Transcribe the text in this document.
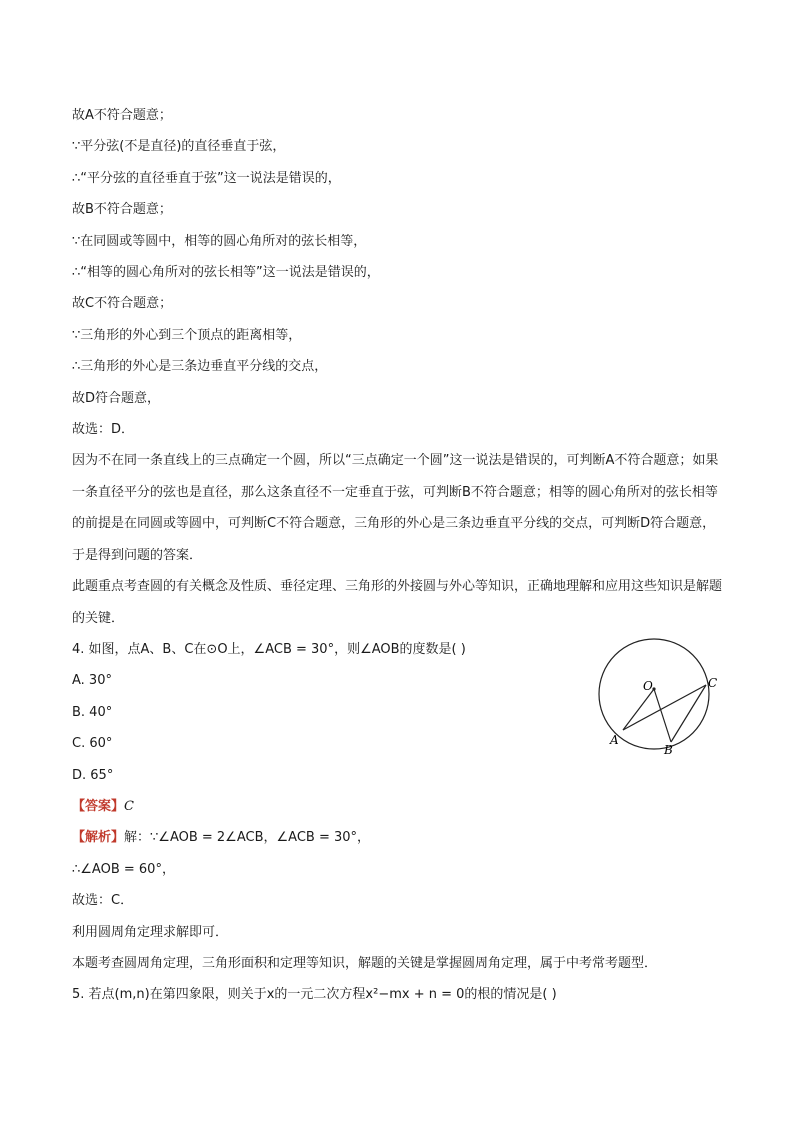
故A不符合题意；
∵平分弦(不是直径)的直径垂直于弦，
∴“平分弦的直径垂直于弦”这一说法是错误的，
故B不符合题意；
∵在同圆或等圆中，相等的圆心角所对的弦长相等，
∴“相等的圆心角所对的弦长相等”这一说法是错误的，
故C不符合题意；
∵三角形的外心到三个顶点的距离相等，
∴三角形的外心是三条边垂直平分线的交点，
故D符合题意，
故选：D．
因为不在同一条直线上的三点确定一个圆，所以“三点确定一个圆”这一说法是错误的，可判断A不符合题意；如果一条直径平分的弦也是直径，那么这条直径不一定垂直于弦，可判断B不符合题意；相等的圆心角所对的弦长相等的前提是在同圆或等圆中，可判断C不符合题意，三角形的外心是三条边垂直平分线的交点，可判断D符合题意，于是得到问题的答案．
此题重点考查圆的有关概念及性质、垂径定理、三角形的外接圆与外心等知识，正确地理解和应用这些知识是解题的关键．
4. 如图，点A、B、C在⊙O上，∠ACB = 30°，则∠AOB的度数是( )
A. 30°
B. 40°
C. 60°
D. 65°
【答案】C
【解析】解：∵∠AOB = 2∠ACB，∠ACB = 30°，
∴∠AOB = 60°，
故选：C．
利用圆周角定理求解即可．
本题考查圆周角定理，三角形面积和定理等知识，解题的关键是掌握圆周角定理，属于中考常考题型．
5. 若点(m,n)在第四象限，则关于x的一元二次方程x²−mx + n = 0的根的情况是( )
O
A
B
C
